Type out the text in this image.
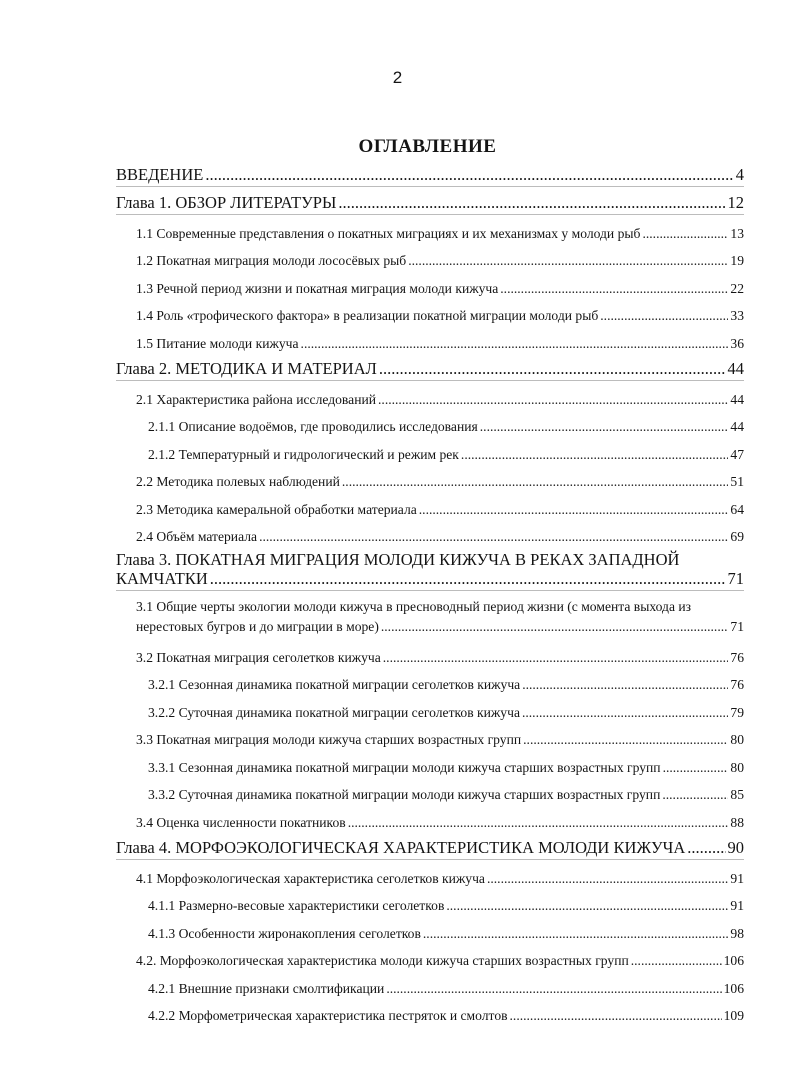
2
ОГЛАВЛЕНИЕ
ВВЕДЕНИЕ .....	4
Глава 1. ОБЗОР ЛИТЕРАТУРЫ .....	12
1.1 Современные представления о покатных миграциях и их механизмах у молоди рыб .....	13
1.2 Покатная миграция молоди лососёвых рыб .....	19
1.3 Речной период жизни и покатная миграция молоди кижуча .....	22
1.4 Роль «трофического фактора» в реализации покатной миграции молоди рыб .....	33
1.5 Питание молоди кижуча .....	36
Глава 2. МЕТОДИКА И МАТЕРИАЛ .....	44
2.1 Характеристика района исследований .....	44
2.1.1 Описание водоёмов, где проводились исследования .....	44
2.1.2 Температурный и гидрологический и режим рек .....	47
2.2 Методика полевых наблюдений .....	51
2.3 Методика камеральной обработки материала .....	64
2.4 Объём материала .....	69
Глава 3. ПОКАТНАЯ МИГРАЦИЯ МОЛОДИ КИЖУЧА В РЕКАХ ЗАПАДНОЙ
КАМЧАТКИ .....	71
3.1 Общие черты экологии молоди кижуча в пресноводный период жизни (с момента выхода из
нерестовых бугров и до миграции в море) .....	71
3.2 Покатная миграция сеголетков кижуча .....	76
3.2.1 Сезонная динамика покатной миграции сеголетков кижуча .....	76
3.2.2 Суточная динамика покатной миграции сеголетков кижуча .....	79
3.3 Покатная миграция молоди кижуча старших возрастных групп .....	80
3.3.1 Сезонная динамика покатной миграции молоди кижуча старших возрастных групп .....	80
3.3.2 Суточная динамика покатной миграции молоди кижуча старших возрастных групп .....	85
3.4 Оценка численности покатников .....	88
Глава 4. МОРФОЭКОЛОГИЧЕСКАЯ ХАРАКТЕРИСТИКА МОЛОДИ КИЖУЧА .....	90
4.1 Морфоэкологическая характеристика сеголетков кижуча .....	91
4.1.1 Размерно-весовые характеристики сеголетков .....	91
4.1.3 Особенности жиронакопления сеголетков .....	98
4.2. Морфоэкологическая характеристика молоди кижуча старших возрастных групп .....	106
4.2.1 Внешние признаки смолтификации .....	106
4.2.2 Морфометрическая характеристика пестряток и смолтов .....	109
